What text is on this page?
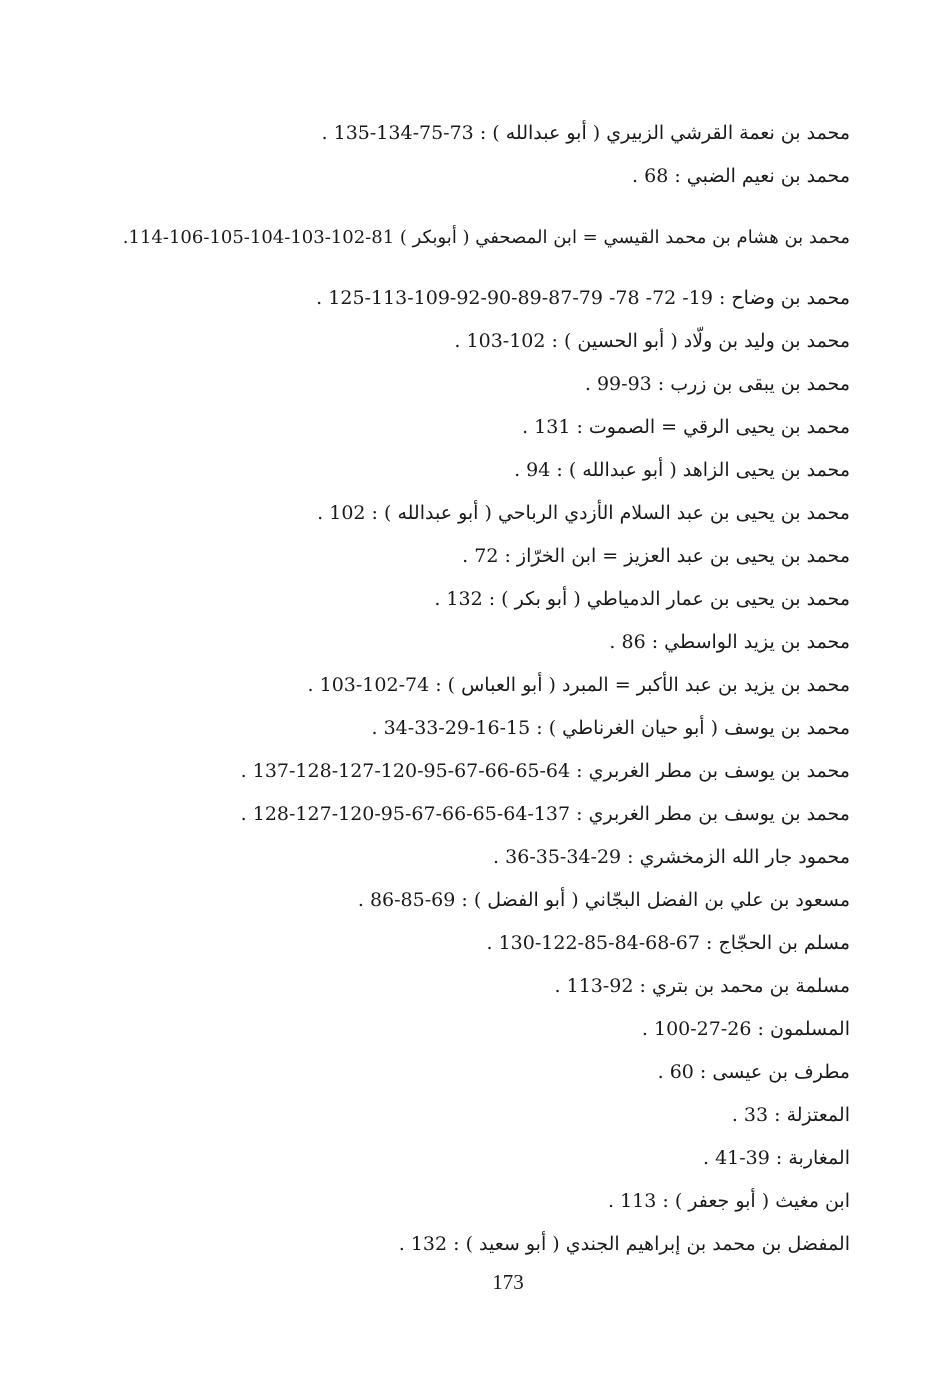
محمد بن نعمة القرشي الزبيري ( أبو عبدالله ) : 73-75-134-135 .
محمد بن نعيم الضبي : 68 .
محمد بن هشام بن محمد القيسي = ابن المصحفي ( أبوبكر ) 81-102-103-104-105-106-114.
محمد بن وضاح : 19- 72- 78- 79-87-89-90-92-109-113-125 .
محمد بن وليد بن ولّاد ( أبو الحسين ) : 102-103 .
محمد بن يبقى بن زرب : 93-99 .
محمد بن يحيى الرقي = الصموت : 131 .
محمد بن يحيى الزاهد ( أبو عبدالله ) : 94 .
محمد بن يحيى بن عبد السلام الأزدي الرباحي ( أبو عبدالله ) : 102 .
محمد بن يحيى بن عبد العزيز = ابن الخرّاز : 72 .
محمد بن يحيى بن عمار الدمياطي ( أبو بكر ) : 132 .
محمد بن يزيد الواسطي : 86 .
محمد بن يزيد بن عبد الأكبر = المبرد ( أبو العباس ) : 74-102-103 .
محمد بن يوسف ( أبو حيان الغرناطي ) : 15-16-29-33-34 .
محمد بن يوسف بن مطر الغربري : 64-65-66-67-95-120-127-128-137 .
محمد بن يوسف بن مطر الغربري : 137-64-65-66-67-95-120-127-128 .
محمود جار الله الزمخشري : 29-34-35-36 .
مسعود بن علي بن الفضل البجّاني ( أبو الفضل ) : 69-85-86 .
مسلم بن الحجّاج : 67-68-84-85-122-130 .
مسلمة بن محمد بن بتري : 92-113 .
المسلمون : 26-27-100 .
مطرف بن عيسى : 60 .
المعتزلة : 33 .
المغاربة : 39-41 .
ابن مغيث ( أبو جعفر ) : 113 .
المفضل بن محمد بن إبراهيم الجندي ( أبو سعيد ) : 132 .
173
